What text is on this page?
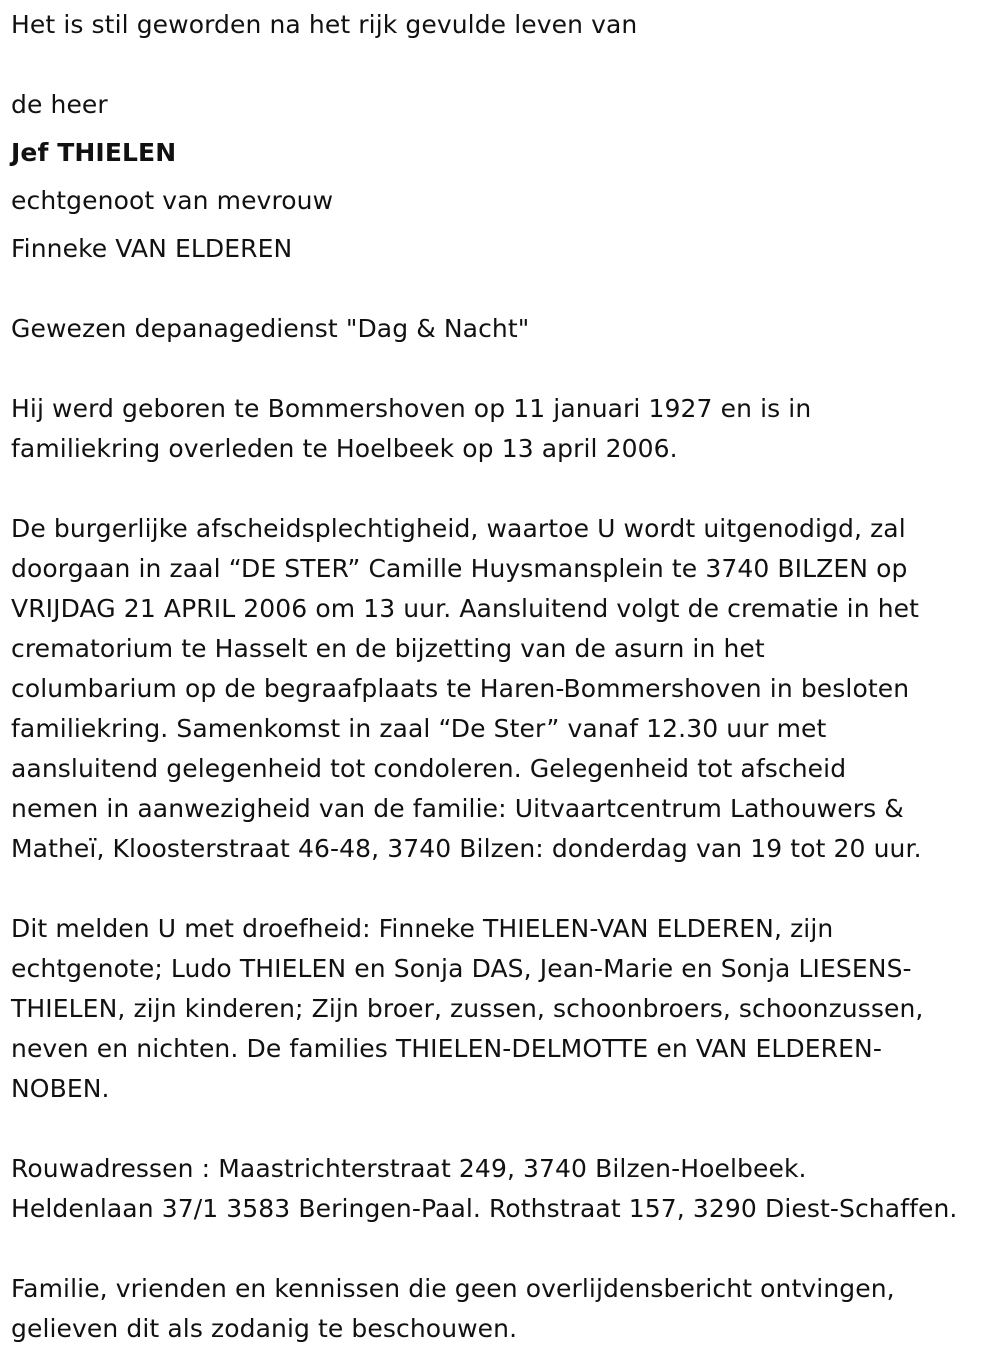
Het is stil geworden na het rijk gevulde leven van
de heer
Jef THIELEN
echtgenoot van mevrouw
Finneke VAN ELDEREN
Gewezen depanagedienst "Dag & Nacht"
Hij werd geboren te Bommershoven op 11 januari 1927 en is in
familiekring overleden te Hoelbeek op 13 april 2006.
De burgerlijke afscheidsplechtigheid, waartoe U wordt uitgenodigd, zal
doorgaan in zaal “DE STER” Camille Huysmansplein te 3740 BILZEN op
VRIJDAG 21 APRIL 2006 om 13 uur. Aansluitend volgt de crematie in het
crematorium te Hasselt en de bijzetting van de asurn in het
columbarium op de begraafplaats te Haren-Bommershoven in besloten
familiekring. Samenkomst in zaal “De Ster” vanaf 12.30 uur met
aansluitend gelegenheid tot condoleren. Gelegenheid tot afscheid
nemen in aanwezigheid van de familie: Uitvaartcentrum Lathouwers &
Matheï, Kloosterstraat 46-48, 3740 Bilzen: donderdag van 19 tot 20 uur.
Dit melden U met droefheid: Finneke THIELEN-VAN ELDEREN, zijn
echtgenote; Ludo THIELEN en Sonja DAS, Jean-Marie en Sonja LIESENS-
THIELEN, zijn kinderen; Zijn broer, zussen, schoonbroers, schoonzussen,
neven en nichten. De families THIELEN-DELMOTTE en VAN ELDEREN-
NOBEN.
Rouwadressen : Maastrichterstraat 249, 3740 Bilzen-Hoelbeek.
Heldenlaan 37/1 3583 Beringen-Paal. Rothstraat 157, 3290 Diest-Schaffen.
Familie, vrienden en kennissen die geen overlijdensbericht ontvingen,
gelieven dit als zodanig te beschouwen.
